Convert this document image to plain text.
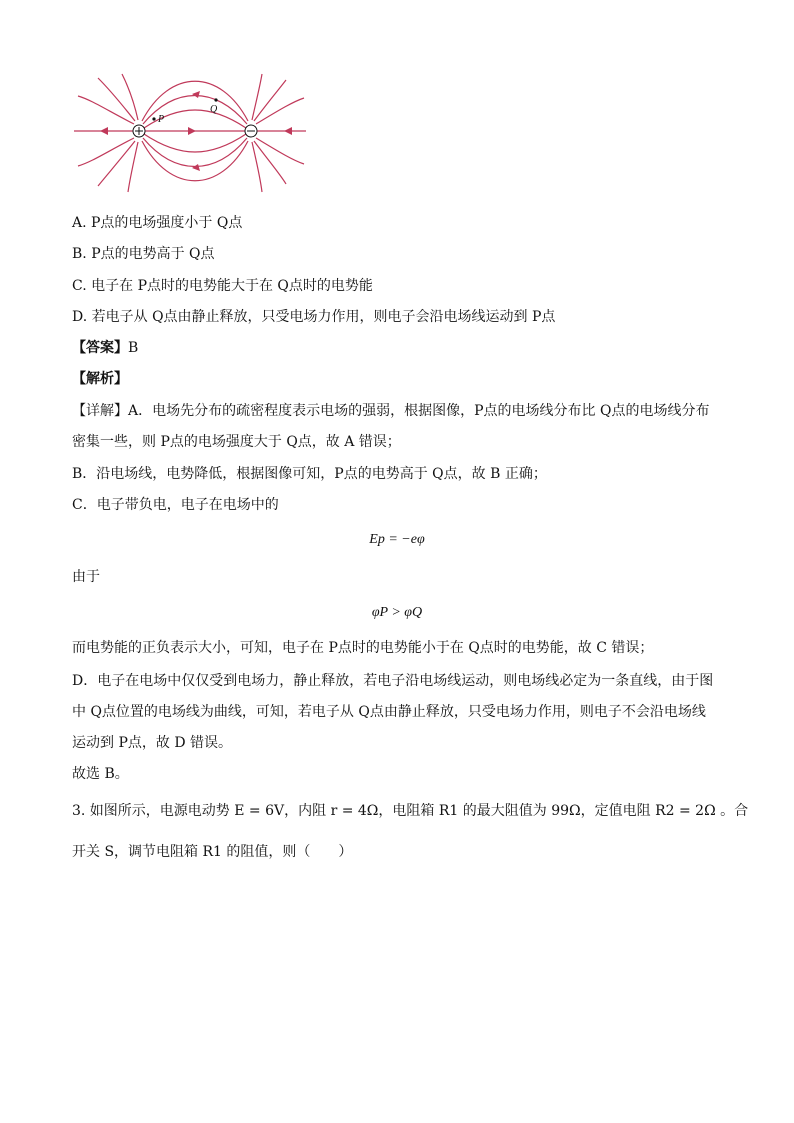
P
Q
A. P点的电场强度小于 Q点
B. P点的电势高于 Q点
C. 电子在 P点时的电势能大于在 Q点时的电势能
D. 若电子从 Q点由静止释放，只受电场力作用，则电子会沿电场线运动到 P点
【答案】B
【解析】
【详解】A．电场先分布的疏密程度表示电场的强弱，根据图像，P点的电场线分布比 Q点的电场线分布
密集一些，则 P点的电场强度大于 Q点，故 A 错误；
B．沿电场线，电势降低，根据图像可知，P点的电势高于 Q点，故 B 正确；
C．电子带负电，电子在电场中的
Ep = −eφ
由于
φP > φQ
而电势能的正负表示大小，可知，电子在 P点时的电势能小于在 Q点时的电势能，故 C 错误；
D．电子在电场中仅仅受到电场力，静止释放，若电子沿电场线运动，则电场线必定为一条直线，由于图
中 Q点位置的电场线为曲线，可知，若电子从 Q点由静止释放，只受电场力作用，则电子不会沿电场线
运动到 P点，故 D 错误。
故选 B。
3. 如图所示，电源电动势 E = 6V，内阻 r = 4Ω，电阻箱 R1 的最大阻值为 99Ω，定值电阻 R2 = 2Ω 。合
开关 S，调节电阻箱 R1 的阻值，则（　　）
